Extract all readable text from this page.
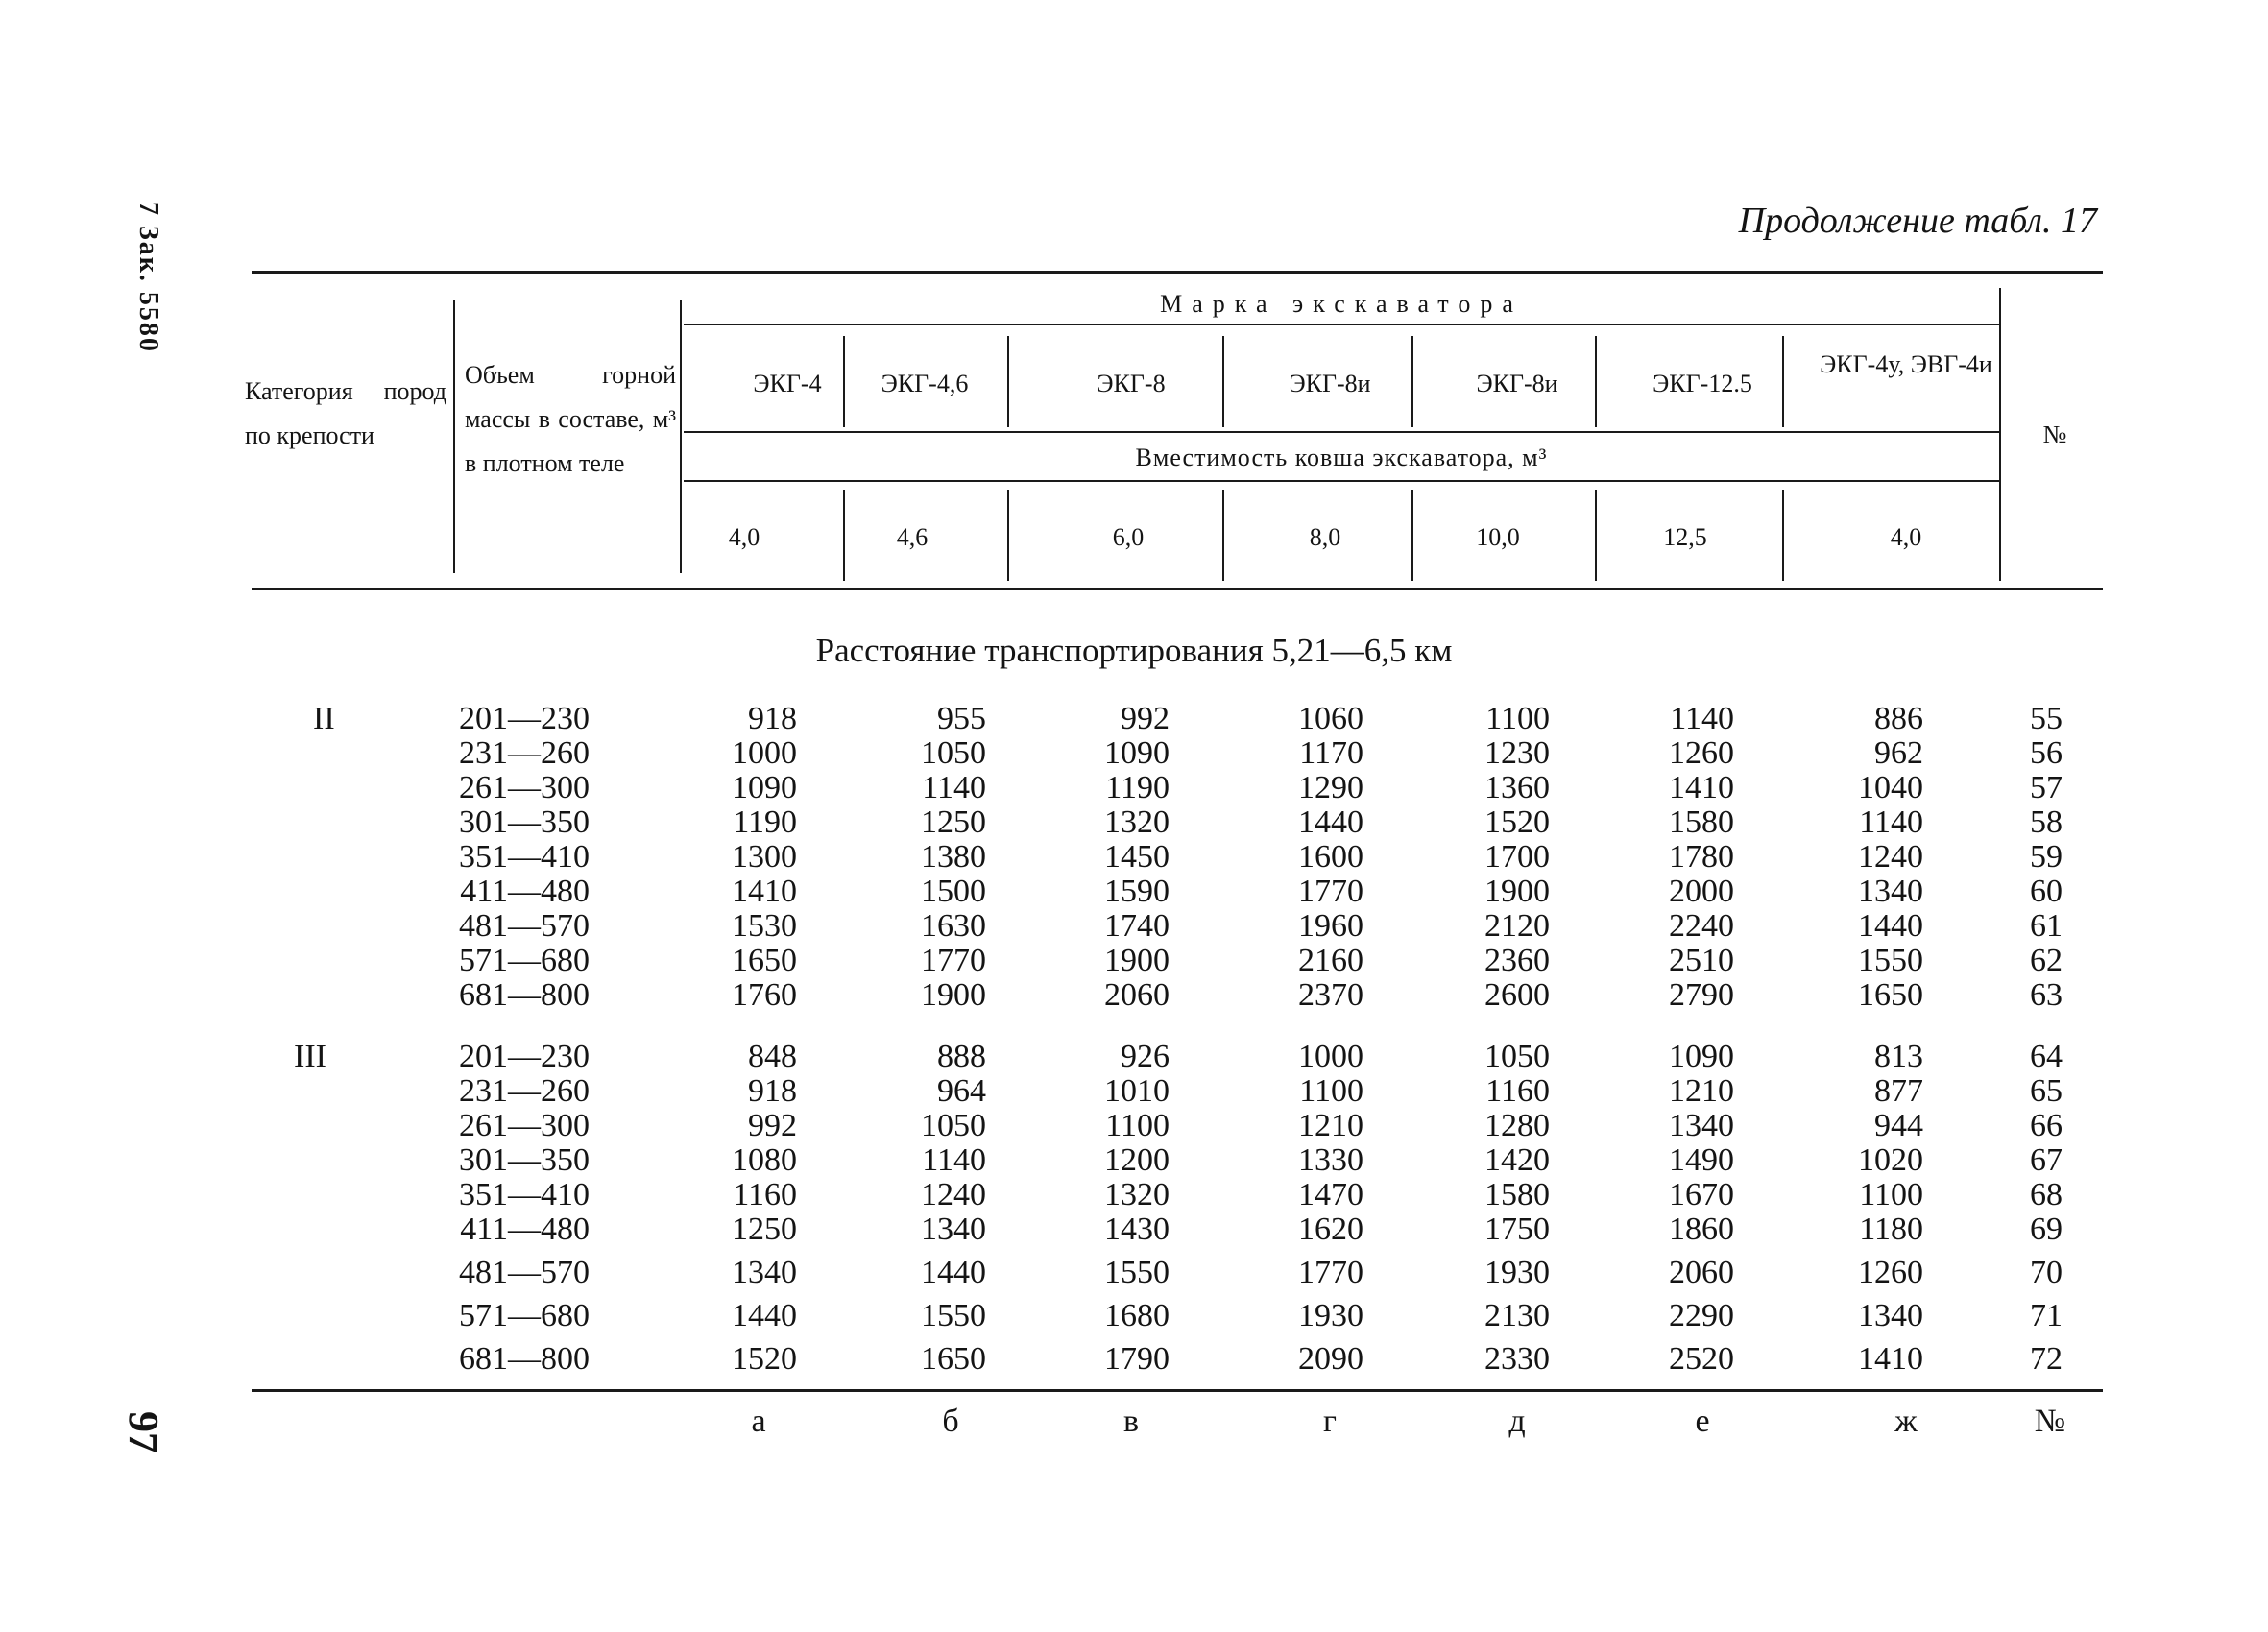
7 Зак. 5580
97
Продолжение табл. 17
Категория пород по крепости
Объем горной массы в составе, м³ в плотном теле
Марка экскаватора
Вместимость ковша экскаватора, м³
№
ЭКГ-4	ЭКГ-4,6	ЭКГ-8	ЭКГ-8и	ЭКГ-8и	ЭКГ-12.5
ЭКГ-4у, ЭВГ-4и
4,0	4,6	6,0	8,0	10,0	12,5	4,0
Расстояние транспортирования 5,21—6,5 км
II	201—230	918	955	992	1060	1100	1140	886	55
231—260	1000	1050	1090	1170	1230	1260	962	56
261—300	1090	1140	1190	1290	1360	1410	1040	57
301—350	1190	1250	1320	1440	1520	1580	1140	58
351—410	1300	1380	1450	1600	1700	1780	1240	59
411—480	1410	1500	1590	1770	1900	2000	1340	60
481—570	1530	1630	1740	1960	2120	2240	1440	61
571—680	1650	1770	1900	2160	2360	2510	1550	62
681—800	1760	1900	2060	2370	2600	2790	1650	63
III	201—230	848	888	926	1000	1050	1090	813	64
231—260	918	964	1010	1100	1160	1210	877	65
261—300	992	1050	1100	1210	1280	1340	944	66
301—350	1080	1140	1200	1330	1420	1490	1020	67
351—410	1160	1240	1320	1470	1580	1670	1100	68
411—480	1250	1340	1430	1620	1750	1860	1180	69
481—570	1340	1440	1550	1770	1930	2060	1260	70
571—680	1440	1550	1680	1930	2130	2290	1340	71
681—800	1520	1650	1790	2090	2330	2520	1410	72
а	б	в	г	д	е	ж	№
